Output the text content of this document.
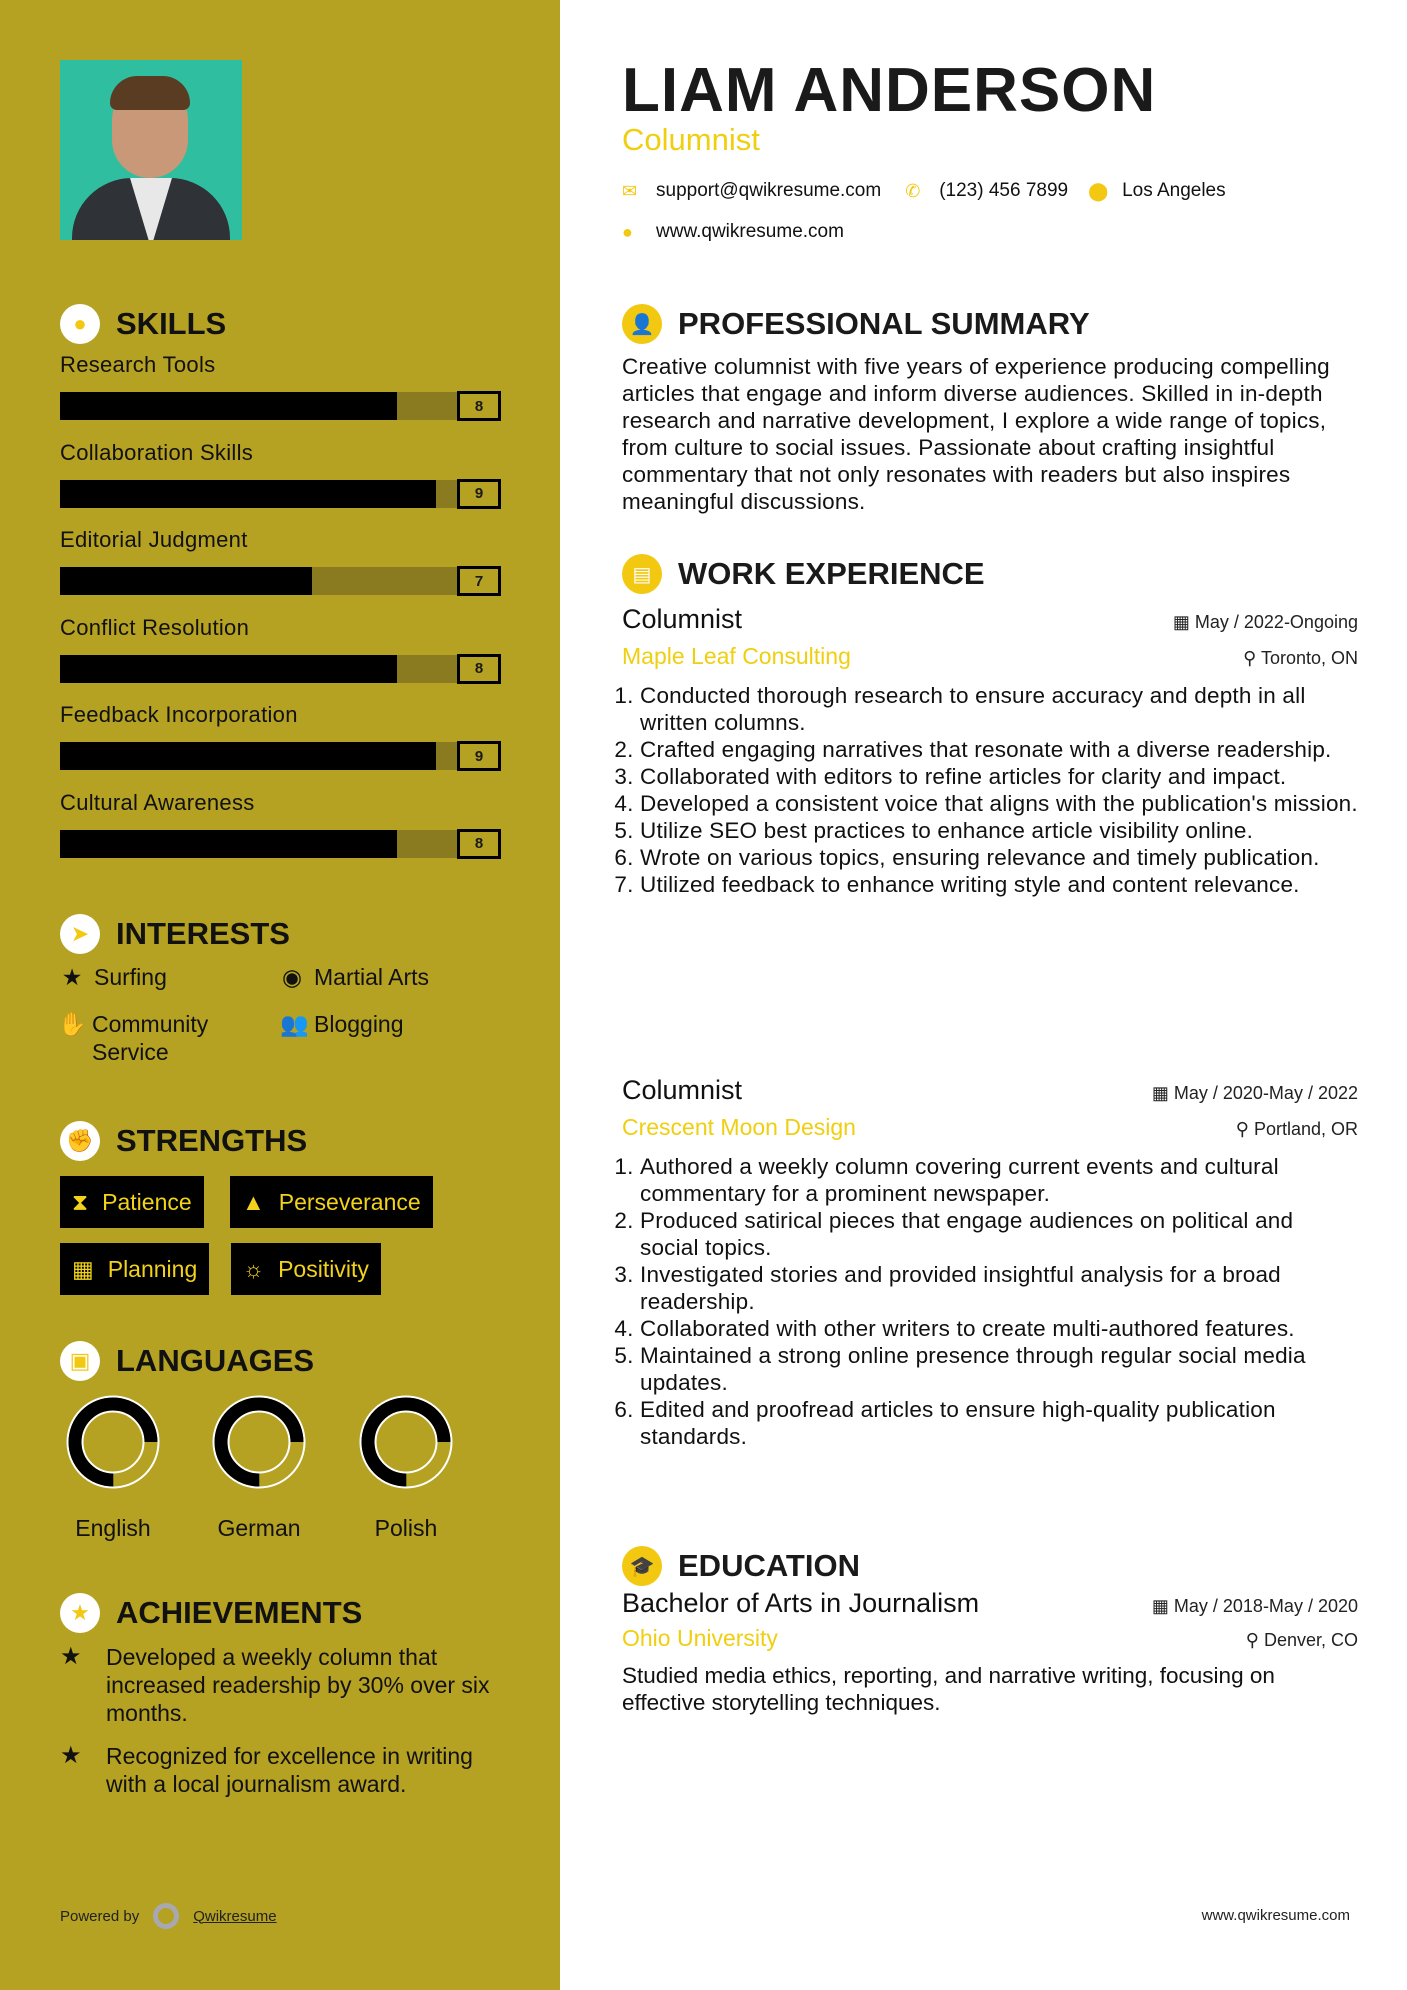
● SKILLS
Research Tools
8
Collaboration Skills
9
Editorial Judgment
7
Conflict Resolution
8
Feedback Incorporation
9
Cultural Awareness
8
➤ INTERESTS
★ Surfing	◉ Martial Arts
✋ Community Service
👥 Blogging
✊ STRENGTHS
⧗ Patience ▲ Perseverance
▦ Planning ☼ Positivity
▣ LANGUAGES
English	German	Polish
★ ACHIEVEMENTS
★	Developed a weekly column that increased readership by 30% over six months.
★	Recognized for excellence in writing with a local journalism award.
Powered by	Qwikresume
LIAM ANDERSON
Columnist
✉ support@qwikresume.com ✆ (123) 456 7899 ⬤ Los Angeles
●	www.qwikresume.com
👤 PROFESSIONAL SUMMARY
Creative columnist with five years of experience producing compelling articles that engage and inform diverse audiences. Skilled in in-depth research and narrative development, I explore a wide range of topics, from culture to social issues. Passionate about crafting insightful commentary that not only resonates with readers but also inspires meaningful discussions.
▤ WORK EXPERIENCE
Columnist	▦ May / 2022-Ongoing
Maple Leaf Consulting	⚲ Toronto, ON
1. Conducted thorough research to ensure accuracy and depth in all written columns.
2. Crafted engaging narratives that resonate with a diverse readership.
3. Collaborated with editors to refine articles for clarity and impact.
4. Developed a consistent voice that aligns with the publication's mission.
5. Utilize SEO best practices to enhance article visibility online.
6. Wrote on various topics, ensuring relevance and timely publication.
7. Utilized feedback to enhance writing style and content relevance.
Columnist	▦ May / 2020-May / 2022
Crescent Moon Design	⚲ Portland, OR
1. Authored a weekly column covering current events and cultural commentary for a prominent newspaper.
2. Produced satirical pieces that engage audiences on political and social topics.
3. Investigated stories and provided insightful analysis for a broad readership.
4. Collaborated with other writers to create multi-authored features.
5. Maintained a strong online presence through regular social media updates.
6. Edited and proofread articles to ensure high-quality publication standards.
🎓 EDUCATION
Bachelor of Arts in Journalism	▦ May / 2018-May / 2020
Ohio University	⚲ Denver, CO
Studied media ethics, reporting, and narrative writing, focusing on effective storytelling techniques.
www.qwikresume.com
